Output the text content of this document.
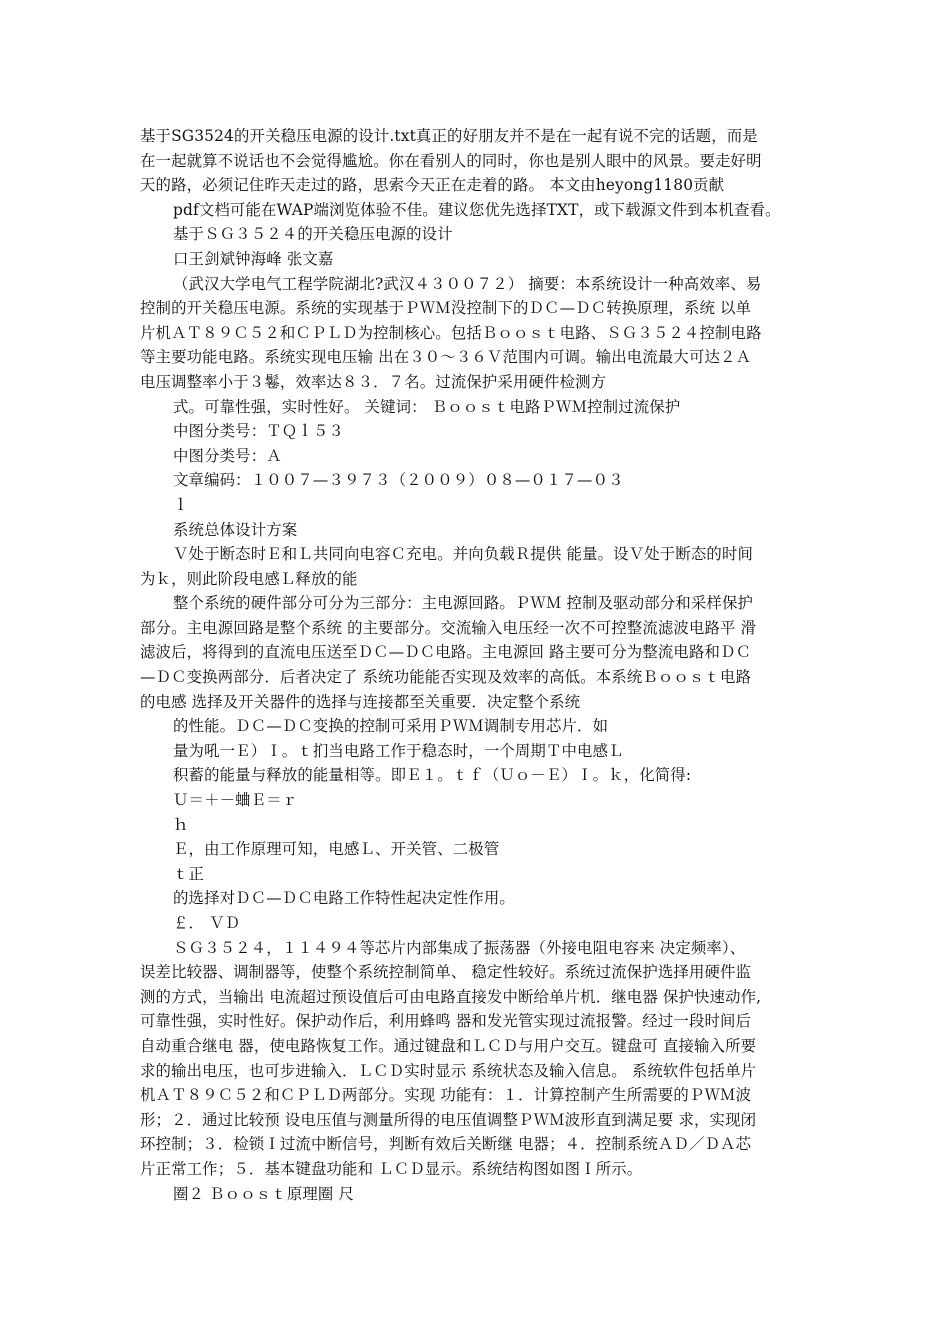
基于SG3524的开关稳压电源的设计.txt真正的好朋友并不是在一起有说不完的话题，而是
在一起就算不说话也不会觉得尴尬。你在看别人的同时，你也是别人眼中的风景。要走好明
天的路，必须记住昨天走过的路，思索今天正在走着的路。 本文由heyong1180贡献
pdf文档可能在WAP端浏览体验不佳。建议您优先选择TXT，或下载源文件到本机查看。
基于ＳＧ３５２４的开关稳压电源的设计
口王剑斌钟海峰 张文嘉
（武汉大学电气工程学院湖北?武汉４３００７２） 摘要：本系统设计一种高效率、易
控制的开关稳压电源。系统的实现基于ＰＷＭ没控制下的ＤＣ—ＤＣ转换原理，系统 以单
片机ＡＴ８９Ｃ５２和ＣＰＬＤ为控制核心。包括Ｂｏｏｓｔ电路、ＳＧ３５２４控制电路
等主要功能电路。系统实现电压输 出在３０～３６Ｖ范围内可调。输出电流最大可达２Ａ
电压调整率小于３鬈，效率达８３．７名。过流保护采用硬件检测方
式。可靠性强，实时性好。 关键词： Ｂｏｏｓｔ电路ＰＷＭ控制过流保护
中图分类号：ＴＱｌ５３
中图分类号：Ａ
文章编码：１００７—３９７３（２００９）０８—０１７—０３
ｌ
系统总体设计方案
Ｖ处于断态时Ｅ和Ｌ共同向电容Ｃ充电。并向负载Ｒ提供 能量。设Ｖ处于断态的时间
为ｋ，则此阶段电感Ｌ释放的能
整个系统的硬件部分可分为三部分：主电源回路。ＰＷＭ 控制及驱动部分和采样保护
部分。主电源回路是整个系统 的主要部分。交流输入电压经一次不可控整流滤波电路平 滑
滤波后，将得到的直流电压送至ＤＣ—ＤＣ电路。主电源回 路主要可分为整流电路和ＤＣ
—ＤＣ变换两部分．后者决定了 系统功能能否实现及效率的高低。本系统Ｂｏｏｓｔ电路
的电感 选择及开关器件的选择与连接都至关重要．决定整个系统
的性能。ＤＣ—ＤＣ变换的控制可采用ＰＷＭ调制专用芯片．如
量为吼一Ｅ）Ｉ。ｔ扪当电路工作于稳态时，一个周期Ｔ中电感Ｌ
积蓄的能量与释放的能量相等。即Ｅ１。ｔｆ（Ｕｏ－Ｅ）Ｉ。ｋ，化简得:
Ｕ＝＋－蛐Ｅ＝ｒ
ｈ
Ｅ，由工作原理可知，电感Ｌ、开关管、二极管
ｔ正
的选择对ＤＣ—ＤＣ电路工作特性起决定性作用。
￡． ＶＤ
ＳＧ３５２４，１１４９４等芯片内部集成了振荡器（外接电阻电容来 决定频率）、
误差比较器、调制器等，使整个系统控制简单、 稳定性较好。系统过流保护选择用硬件监
测的方式，当输出 电流超过预设值后可由电路直接发中断给单片机．继电器 保护快速动作,
可靠性强，实时性好。保护动作后，利用蜂鸣 器和发光管实现过流报警。经过一段时间后
自动重合继电 器，使电路恢复工作。通过键盘和ＬＣＤ与用户交互。键盘可 直接输入所要
求的输出电压，也可步进输入．ＬＣＤ实时显示 系统状态及输入信息。 系统软件包括单片
机ＡＴ８９Ｃ５２和ＣＰＬＤ两部分。实现 功能有：１．计算控制产生所需要的ＰＷＭ波
形；２．通过比较预 设电压值与测量所得的电压值调整ＰＷＭ波形直到满足要 求，实现闭
环控制；３．检锁Ｉ过流中断信号，判断有效后关断继 电器；４．控制系统ＡＤ／ＤＡ芯
片正常工作；５．基本键盘功能和 ＬＣＤ显示。系统结构图如图Ｉ所示。
圈２ Ｂｏｏｓｔ原理圈 尺
